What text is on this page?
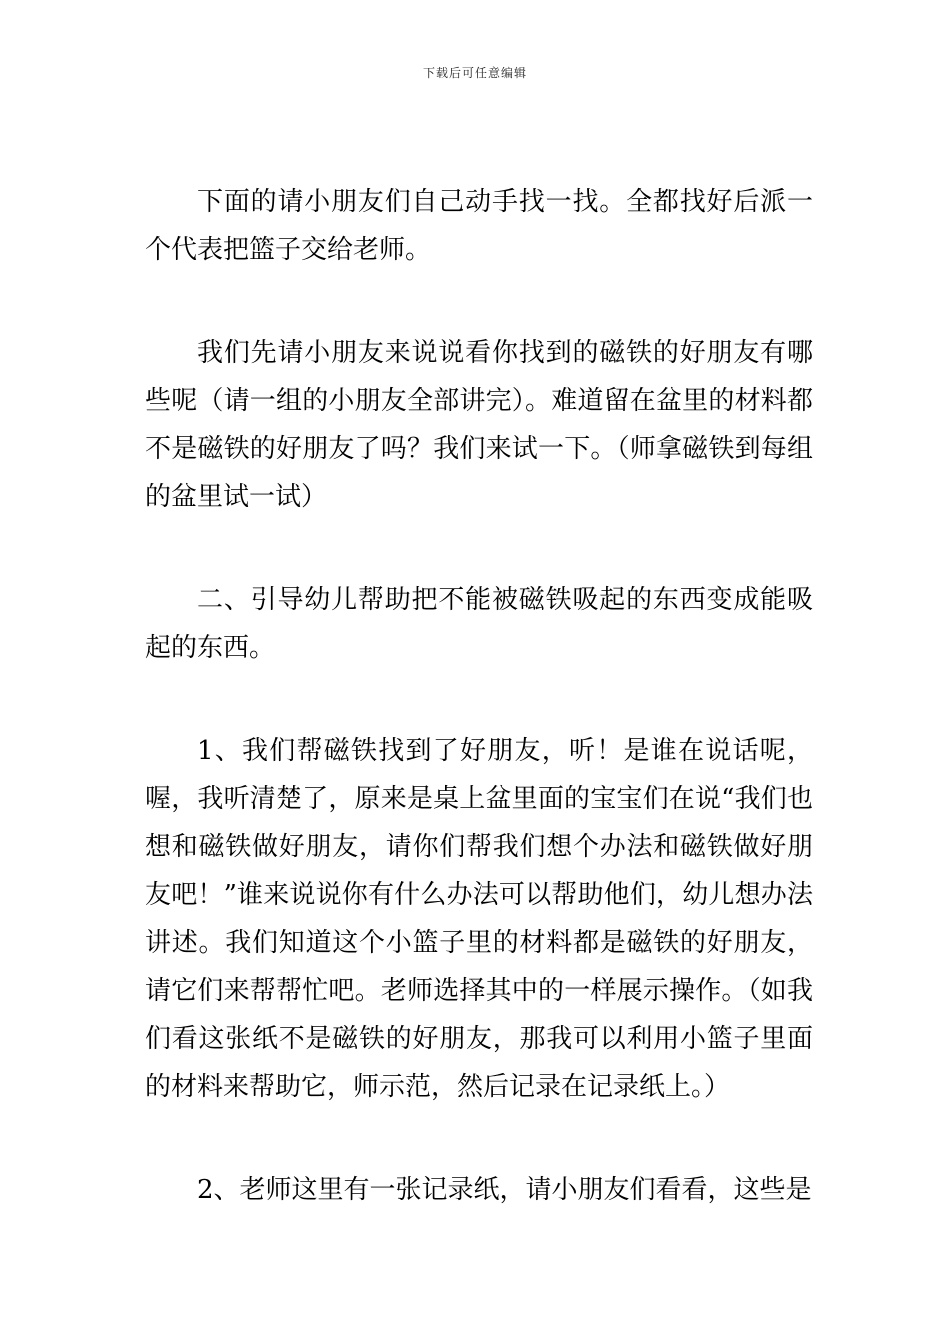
下载后可任意编辑

下面的请小朋友们自己动手找一找。全都找好后派一个代表把篮子交给老师。

我们先请小朋友来说说看你找到的磁铁的好朋友有哪些呢（请一组的小朋友全部讲完）。难道留在盆里的材料都不是磁铁的好朋友了吗？我们来试一下。（师拿磁铁到每组的盆里试一试）

二、引导幼儿帮助把不能被磁铁吸起的东西变成能吸起的东西。

1、我们帮磁铁找到了好朋友，听！是谁在说话呢，喔，我听清楚了，原来是桌上盆里面的宝宝们在说“我们也想和磁铁做好朋友，请你们帮我们想个办法和磁铁做好朋友吧！”谁来说说你有什么办法可以帮助他们，幼儿想办法讲述。我们知道这个小篮子里的材料都是磁铁的好朋友，请它们来帮帮忙吧。老师选择其中的一样展示操作。（如我们看这张纸不是磁铁的好朋友，那我可以利用小篮子里面的材料来帮助它，师示范，然后记录在记录纸上。）

2、老师这里有一张记录纸，请小朋友们看看，这些是
